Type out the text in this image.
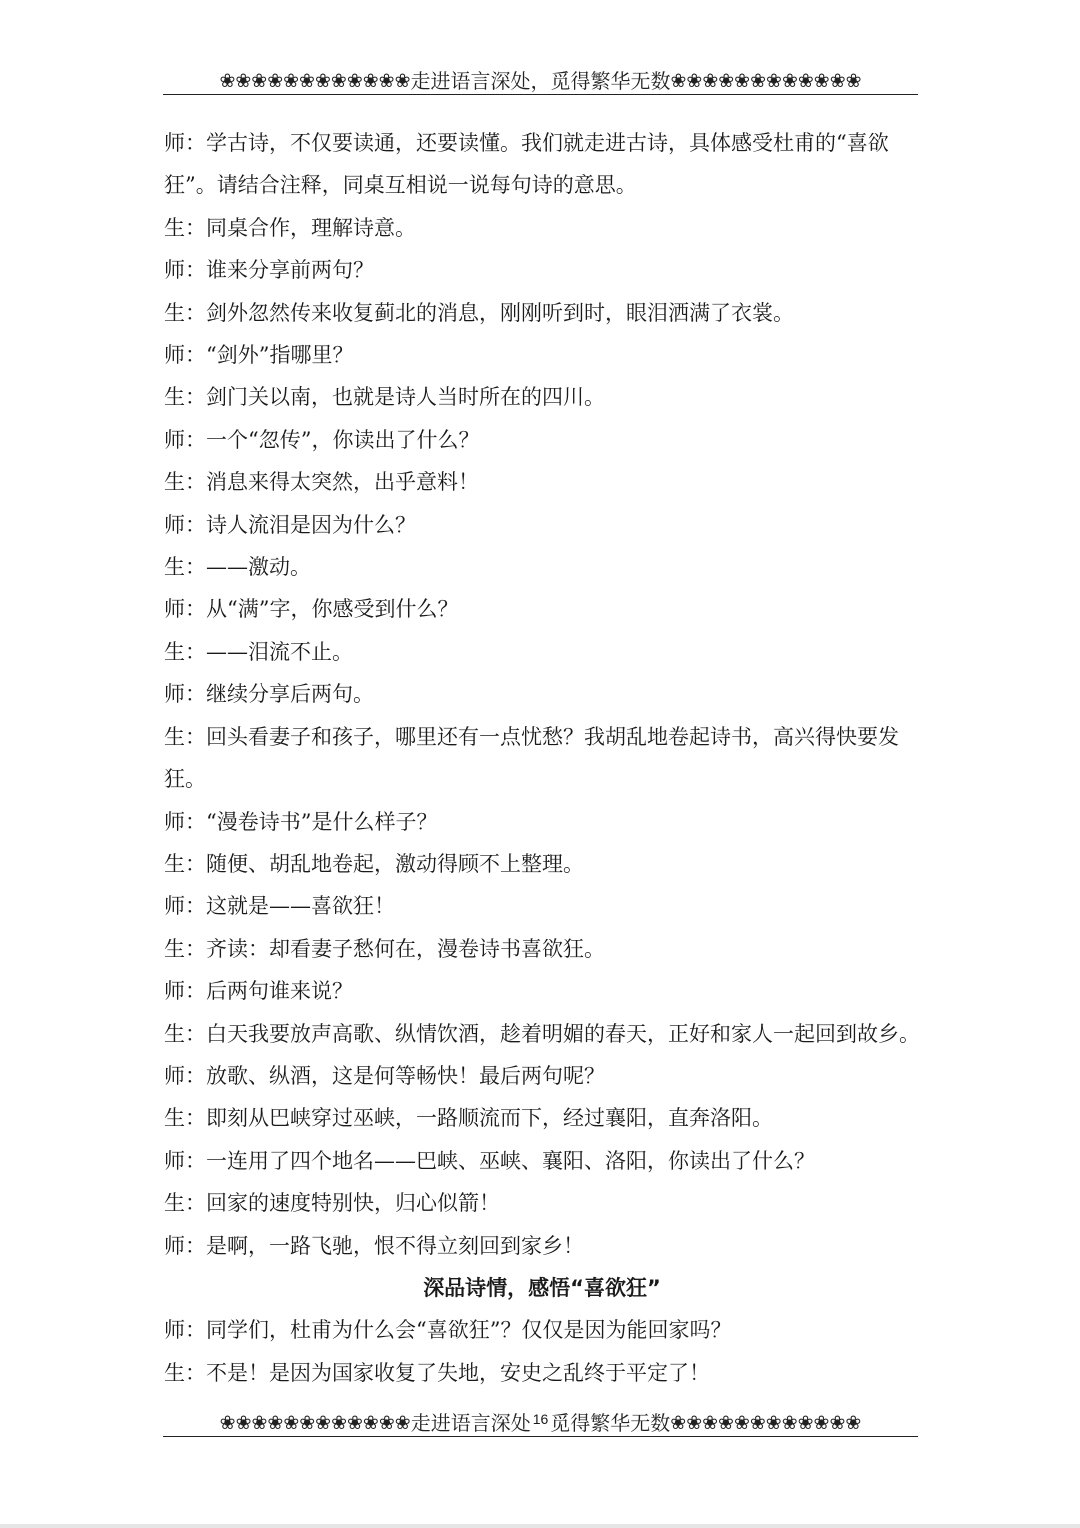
❀❀❀❀❀❀❀❀❀❀❀❀ 走进语言深处，觅得繁华无数 ❀❀❀❀❀❀❀❀❀❀❀❀

师：学古诗，不仅要读通，还要读懂。我们就走进古诗，具体感受杜甫的“喜欲狂”。请结合注释，同桌互相说一说每句诗的意思。

生：同桌合作，理解诗意。

师：谁来分享前两句？

生：剑外忽然传来收复蓟北的消息，刚刚听到时，眼泪洒满了衣裳。

师：“剑外”指哪里？

生：剑门关以南，也就是诗人当时所在的四川。

师：一个“忽传”，你读出了什么？

生：消息来得太突然，出乎意料！

师：诗人流泪是因为什么？

生：——激动。

师：从“满”字，你感受到什么？

生：——泪流不止。

师：继续分享后两句。

生：回头看妻子和孩子，哪里还有一点忧愁？我胡乱地卷起诗书，高兴得快要发狂。

师：“漫卷诗书”是什么样子？

生：随便、胡乱地卷起，激动得顾不上整理。

师：这就是——喜欲狂！

生：齐读：却看妻子愁何在，漫卷诗书喜欲狂。

师：后两句谁来说？

生：白天我要放声高歌、纵情饮酒，趁着明媚的春天，正好和家人一起回到故乡。

师：放歌、纵酒，这是何等畅快！最后两句呢？

生：即刻从巴峡穿过巫峡，一路顺流而下，经过襄阳，直奔洛阳。

师：一连用了四个地名——巴峡、巫峡、襄阳、洛阳，你读出了什么？

生：回家的速度特别快，归心似箭！

师：是啊，一路飞驰，恨不得立刻回到家乡！

深品诗情，感悟“喜欲狂”

师：同学们，杜甫为什么会“喜欲狂”？仅仅是因为能回家吗？

生：不是！是因为国家收复了失地，安史之乱终于平定了！

❀❀❀❀❀❀❀❀❀❀❀❀ 走进语言深处 16 觅得繁华无数 ❀❀❀❀❀❀❀❀❀❀❀❀
